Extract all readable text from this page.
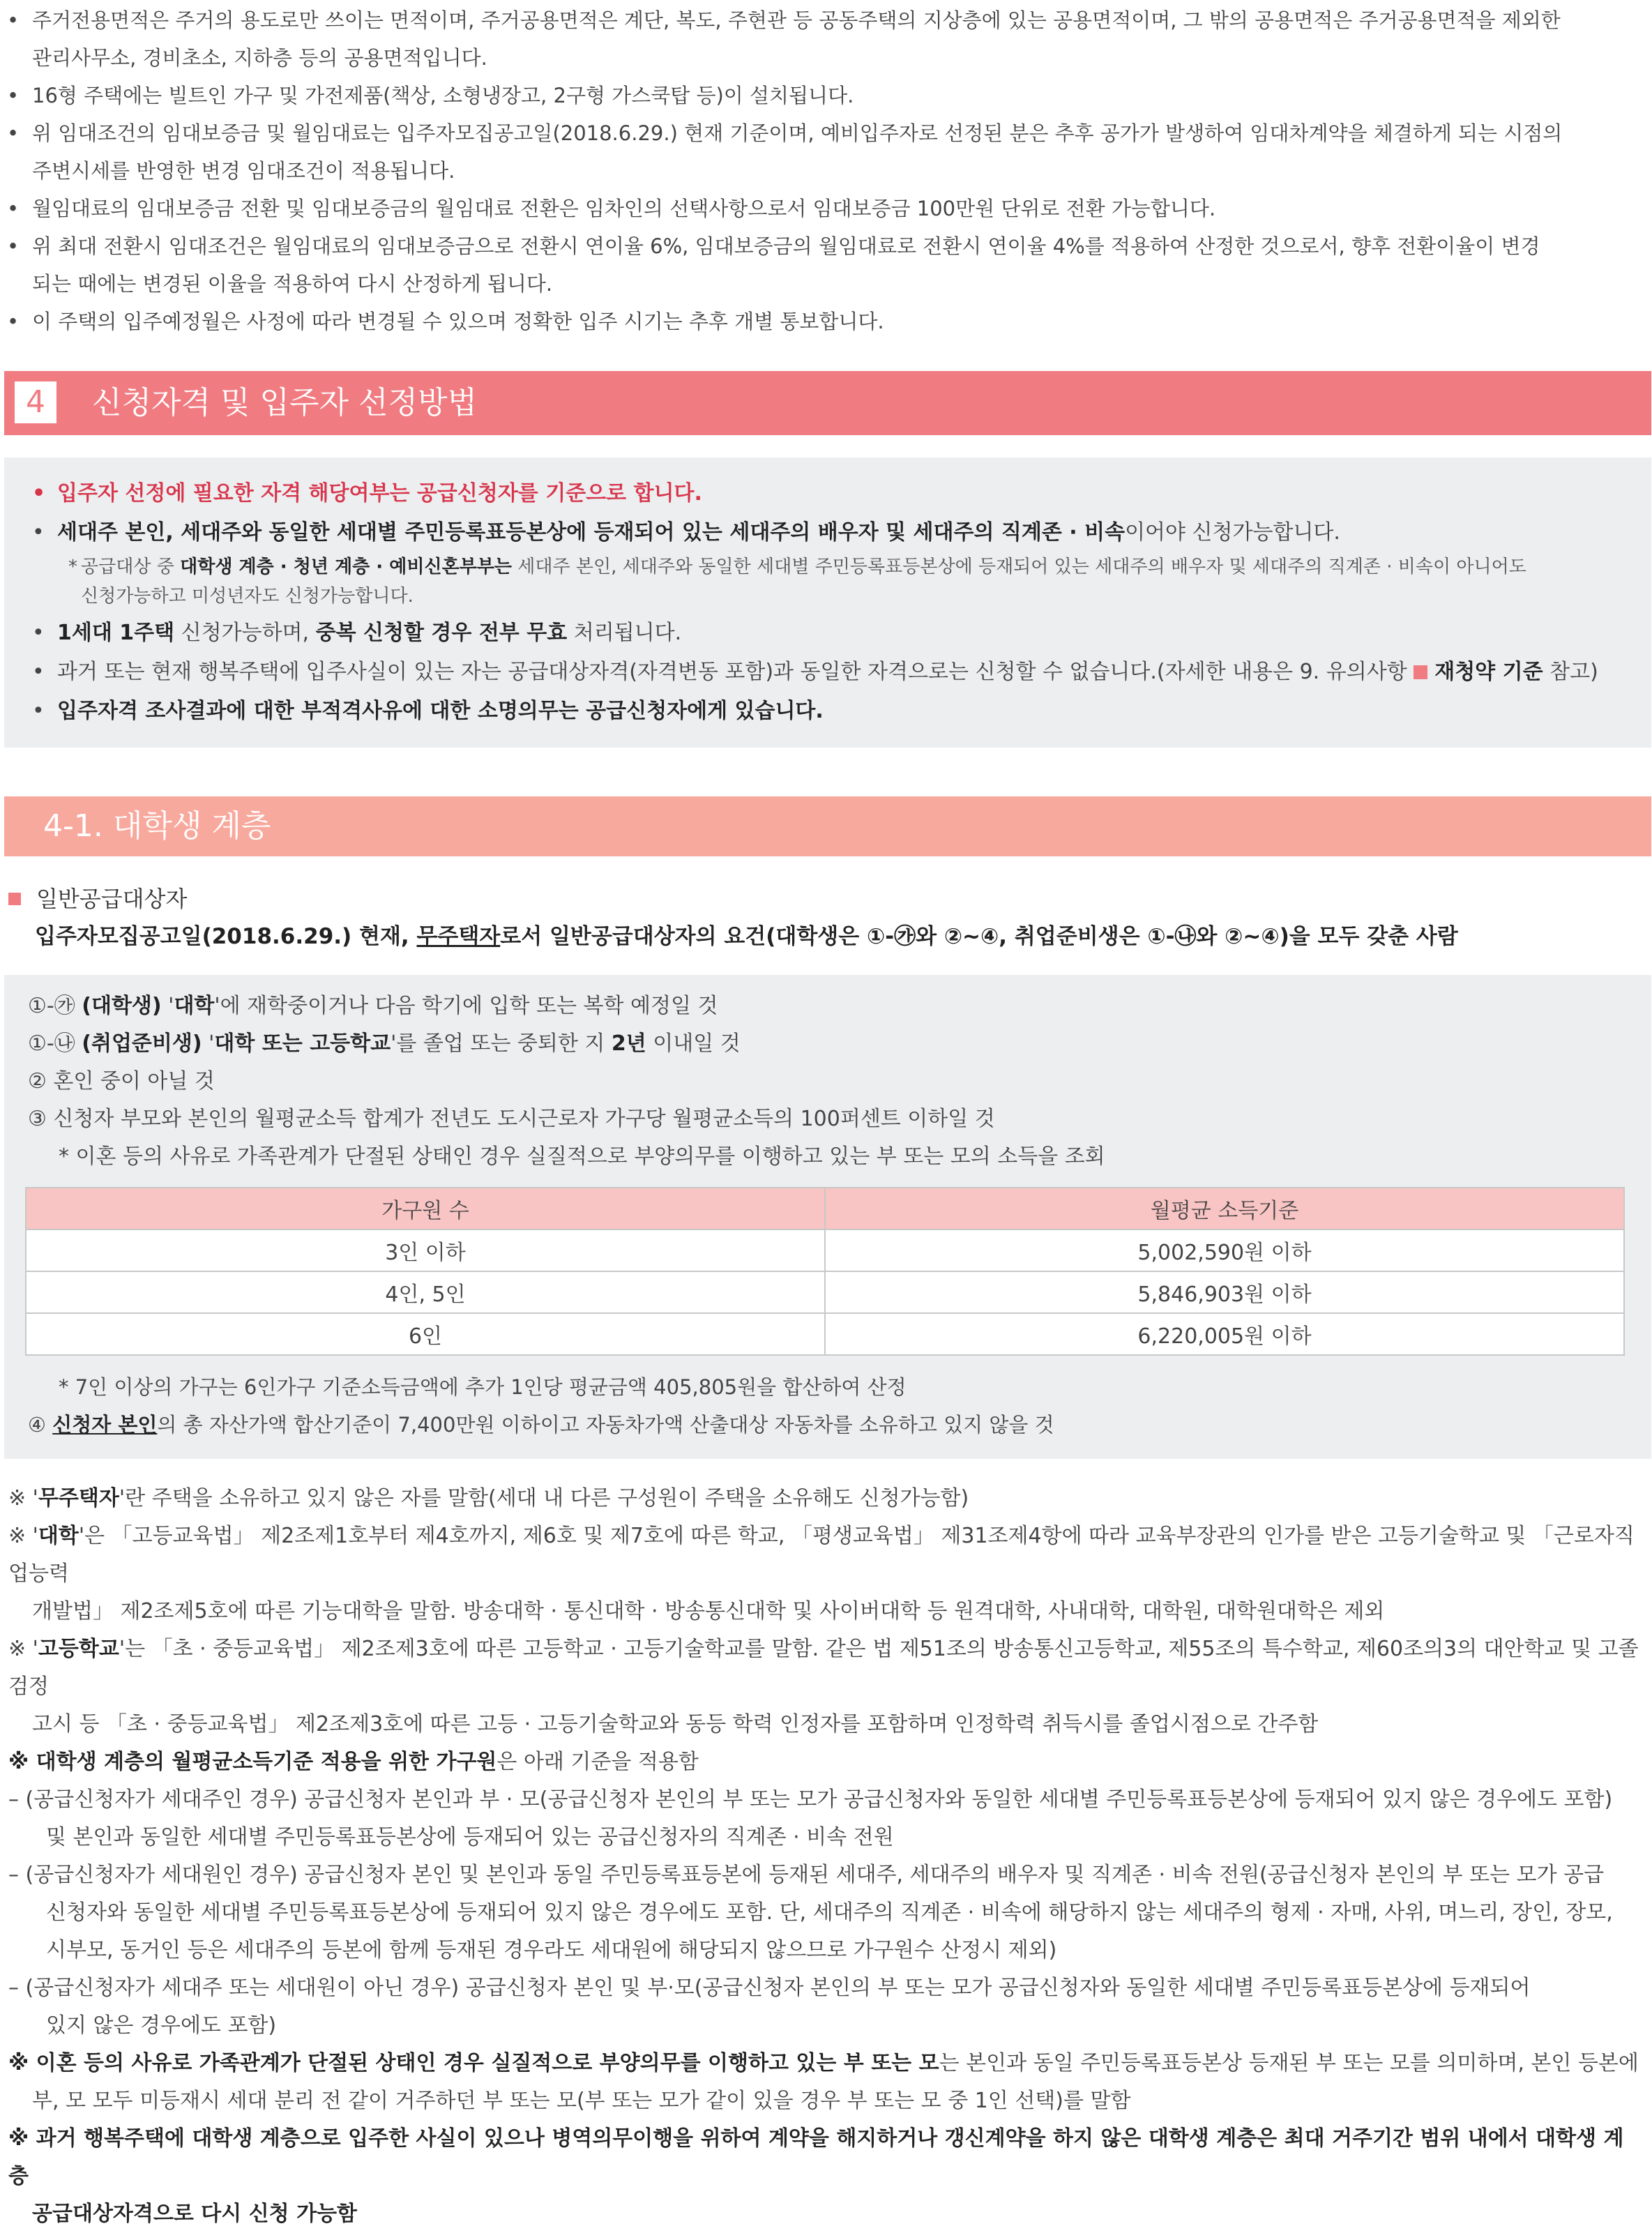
• 주거전용면적은 주거의 용도로만 쓰이는 면적이며, 주거공용면적은 계단, 복도, 주현관 등 공동주택의 지상층에 있는 공용면적이며, 그 밖의 공용면적은 주거공용면적을 제외한
관리사무소, 경비초소, 지하층 등의 공용면적입니다.
• 16형 주택에는 빌트인 가구 및 가전제품(책상, 소형냉장고, 2구형 가스쿡탑 등)이 설치됩니다.
• 위 임대조건의 임대보증금 및 월임대료는 입주자모집공고일(2018.6.29.) 현재 기준이며, 예비입주자로 선정된 분은 추후 공가가 발생하여 임대차계약을 체결하게 되는 시점의
주변시세를 반영한 변경 임대조건이 적용됩니다.
• 월임대료의 임대보증금 전환 및 임대보증금의 월임대료 전환은 임차인의 선택사항으로서 임대보증금 100만원 단위로 전환 가능합니다.
• 위 최대 전환시 임대조건은 월임대료의 임대보증금으로 전환시 연이율 6%, 임대보증금의 월임대료로 전환시 연이율 4%를 적용하여 산정한 것으로서, 향후 전환이율이 변경
되는 때에는 변경된 이율을 적용하여 다시 산정하게 됩니다.
• 이 주택의 입주예정월은 사정에 따라 변경될 수 있으며 정확한 입주 시기는 추후 개별 통보합니다.
4	신청자격 및 입주자 선정방법
• 입주자 선정에 필요한 자격 해당여부는 공급신청자를 기준으로 합니다.
• 세대주 본인, 세대주와 동일한 세대별 주민등록표등본상에 등재되어 있는 세대주의 배우자 및 세대주의 직계존 · 비속이어야 신청가능합니다.
* 공급대상 중 대학생 계층 · 청년 계층 · 예비신혼부부는 세대주 본인, 세대주와 동일한 세대별 주민등록표등본상에 등재되어 있는 세대주의 배우자 및 세대주의 직계존 · 비속이 아니어도
신청가능하고 미성년자도 신청가능합니다.
• 1세대 1주택 신청가능하며, 중복 신청할 경우 전부 무효 처리됩니다.
• 과거 또는 현재 행복주택에 입주사실이 있는 자는 공급대상자격(자격변동 포함)과 동일한 자격으로는 신청할 수 없습니다.(자세한 내용은 9. 유의사항 재청약 기준 참고)
• 입주자격 조사결과에 대한 부적격사유에 대한 소명의무는 공급신청자에게 있습니다.
4-1. 대학생 계층
일반공급대상자
입주자모집공고일(2018.6.29.) 현재, 무주택자로서 일반공급대상자의 요건(대학생은 ①-㉮와 ②~④, 취업준비생은 ①-㉯와 ②~④)을 모두 갖춘 사람
①-㉮ (대학생) '대학'에 재학중이거나 다음 학기에 입학 또는 복학 예정일 것
①-㉯ (취업준비생) '대학 또는 고등학교'를 졸업 또는 중퇴한 지 2년 이내일 것
② 혼인 중이 아닐 것
③ 신청자 부모와 본인의 월평균소득 합계가 전년도 도시근로자 가구당 월평균소득의 100퍼센트 이하일 것
* 이혼 등의 사유로 가족관계가 단절된 상태인 경우 실질적으로 부양의무를 이행하고 있는 부 또는 모의 소득을 조회
가구원 수	월평균 소득기준
3인 이하	5,002,590원 이하
4인, 5인	5,846,903원 이하
6인	6,220,005원 이하
* 7인 이상의 가구는 6인가구 기준소득금액에 추가 1인당 평균금액 405,805원을 합산하여 산정
④ 신청자 본인의 총 자산가액 합산기준이 7,400만원 이하이고 자동차가액 산출대상 자동차를 소유하고 있지 않을 것
※ '무주택자'란 주택을 소유하고 있지 않은 자를 말함(세대 내 다른 구성원이 주택을 소유해도 신청가능함)
※ '대학'은 「고등교육법」 제2조제1호부터 제4호까지, 제6호 및 제7호에 따른 학교, 「평생교육법」 제31조제4항에 따라 교육부장관의 인가를 받은 고등기술학교 및 「근로자직업능력
개발법」 제2조제5호에 따른 기능대학을 말함. 방송대학 · 통신대학 · 방송통신대학 및 사이버대학 등 원격대학, 사내대학, 대학원, 대학원대학은 제외
※ '고등학교'는 「초 · 중등교육법」 제2조제3호에 따른 고등학교 · 고등기술학교를 말함. 같은 법 제51조의 방송통신고등학교, 제55조의 특수학교, 제60조의3의 대안학교 및 고졸검정
고시 등 「초 · 중등교육법」 제2조제3호에 따른 고등 · 고등기술학교와 동등 학력 인정자를 포함하며 인정학력 취득시를 졸업시점으로 간주함
※ 대학생 계층의 월평균소득기준 적용을 위한 가구원은 아래 기준을 적용함
– (공급신청자가 세대주인 경우) 공급신청자 본인과 부 · 모(공급신청자 본인의 부 또는 모가 공급신청자와 동일한 세대별 주민등록표등본상에 등재되어 있지 않은 경우에도 포함)
및 본인과 동일한 세대별 주민등록표등본상에 등재되어 있는 공급신청자의 직계존 · 비속 전원
– (공급신청자가 세대원인 경우) 공급신청자 본인 및 본인과 동일 주민등록표등본에 등재된 세대주, 세대주의 배우자 및 직계존 · 비속 전원(공급신청자 본인의 부 또는 모가 공급
신청자와 동일한 세대별 주민등록표등본상에 등재되어 있지 않은 경우에도 포함. 단, 세대주의 직계존 · 비속에 해당하지 않는 세대주의 형제 · 자매, 사위, 며느리, 장인, 장모,
시부모, 동거인 등은 세대주의 등본에 함께 등재된 경우라도 세대원에 해당되지 않으므로 가구원수 산정시 제외)
– (공급신청자가 세대주 또는 세대원이 아닌 경우) 공급신청자 본인 및 부·모(공급신청자 본인의 부 또는 모가 공급신청자와 동일한 세대별 주민등록표등본상에 등재되어
있지 않은 경우에도 포함)
※ 이혼 등의 사유로 가족관계가 단절된 상태인 경우 실질적으로 부양의무를 이행하고 있는 부 또는 모는 본인과 동일 주민등록표등본상 등재된 부 또는 모를 의미하며, 본인 등본에
부, 모 모두 미등재시 세대 분리 전 같이 거주하던 부 또는 모(부 또는 모가 같이 있을 경우 부 또는 모 중 1인 선택)를 말함
※ 과거 행복주택에 대학생 계층으로 입주한 사실이 있으나 병역의무이행을 위하여 계약을 해지하거나 갱신계약을 하지 않은 대학생 계층은 최대 거주기간 범위 내에서 대학생 계층
공급대상자격으로 다시 신청 가능함
